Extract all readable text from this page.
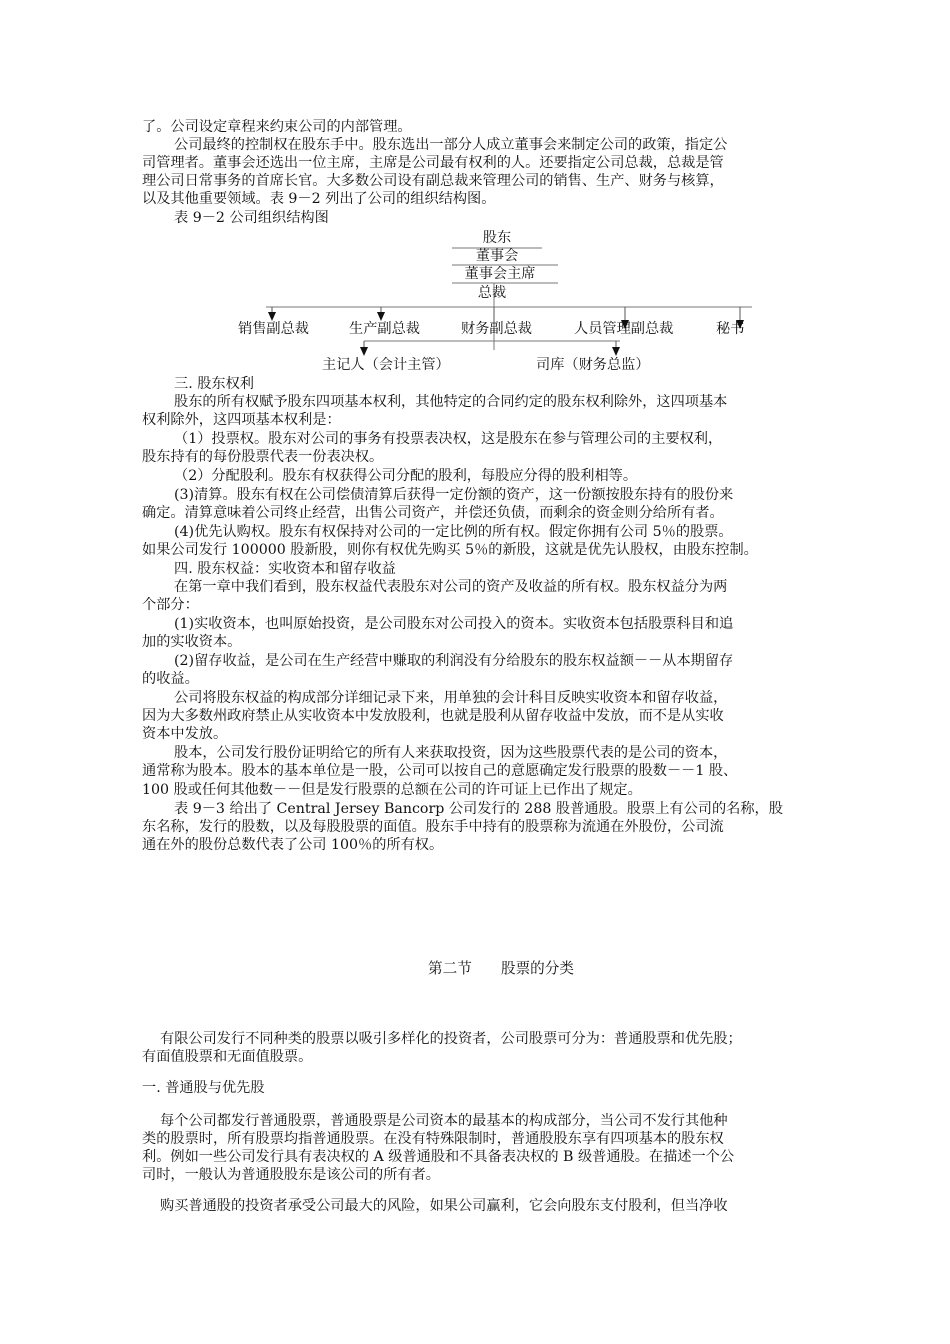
了。公司设定章程来约束公司的内部管理。

公司最终的控制权在股东手中。股东选出一部分人成立董事会来制定公司的政策，指定公

司管理者。董事会还选出一位主席，主席是公司最有权利的人。还要指定公司总裁，总裁是管

理公司日常事务的首席长官。大多数公司设有副总裁来管理公司的销售、生产、财务与核算，

以及其他重要领域。表 9－2 列出了公司的组织结构图。

表 9－2 公司组织结构图

股东
董事会
董事会主席
总裁
销售副总裁	生产副总裁	财务副总裁	人员管理副总裁	秘书
主记人（会计主管）	司库（财务总监）

三. 股东权利

股东的所有权赋予股东四项基本权利，其他特定的合同约定的股东权利除外，这四项基本

权利除外，这四项基本权利是：

（1）投票权。股东对公司的事务有投票表决权，这是股东在参与管理公司的主要权利，

股东持有的每份股票代表一份表决权。

（2）分配股利。股东有权获得公司分配的股利，每股应分得的股利相等。

(3)清算。股东有权在公司偿债清算后获得一定份额的资产，这一份额按股东持有的股份来

确定。清算意味着公司终止经营，出售公司资产，并偿还负债，而剩余的资金则分给所有者。

(4)优先认购权。股东有权保持对公司的一定比例的所有权。假定你拥有公司 5％的股票。

如果公司发行 100000 股新股，则你有权优先购买 5％的新股，这就是优先认股权，由股东控制。

四. 股东权益：实收资本和留存收益

在第一章中我们看到，股东权益代表股东对公司的资产及收益的所有权。股东权益分为两

个部分：

(1)实收资本，也叫原始投资，是公司股东对公司投入的资本。实收资本包括股票科目和追

加的实收资本。

(2)留存收益，是公司在生产经营中赚取的利润没有分给股东的股东权益额－－从本期留存

的收益。

公司将股东权益的构成部分详细记录下来，用单独的会计科目反映实收资本和留存收益，

因为大多数州政府禁止从实收资本中发放股利，也就是股利从留存收益中发放，而不是从实收

资本中发放。

股本，公司发行股份证明给它的所有人来获取投资，因为这些股票代表的是公司的资本，

通常称为股本。股本的基本单位是一股，公司可以按自己的意愿确定发行股票的股数－－1 股、

100 股或任何其他数－－但是发行股票的总额在公司的许可证上已作出了规定。

表 9－3 给出了 Central Jersey Bancorp 公司发行的 288 股普通股。股票上有公司的名称，股

东名称，发行的股数，以及每股股票的面值。股东手中持有的股票称为流通在外股份，公司流

通在外的股份总数代表了公司 100％的所有权。

第二节　　股票的分类

有限公司发行不同种类的股票以吸引多样化的投资者，公司股票可分为：普通股票和优先股；

有面值股票和无面值股票。

一. 普通股与优先股

每个公司都发行普通股票，普通股票是公司资本的最基本的构成部分，当公司不发行其他种

类的股票时，所有股票均指普通股票。在没有特殊限制时，普通股股东享有四项基本的股东权

利。例如一些公司发行具有表决权的 A 级普通股和不具备表决权的 B 级普通股。在描述一个公

司时，一般认为普通股股东是该公司的所有者。

购买普通股的投资者承受公司最大的风险，如果公司赢利，它会向股东支付股利，但当净收
